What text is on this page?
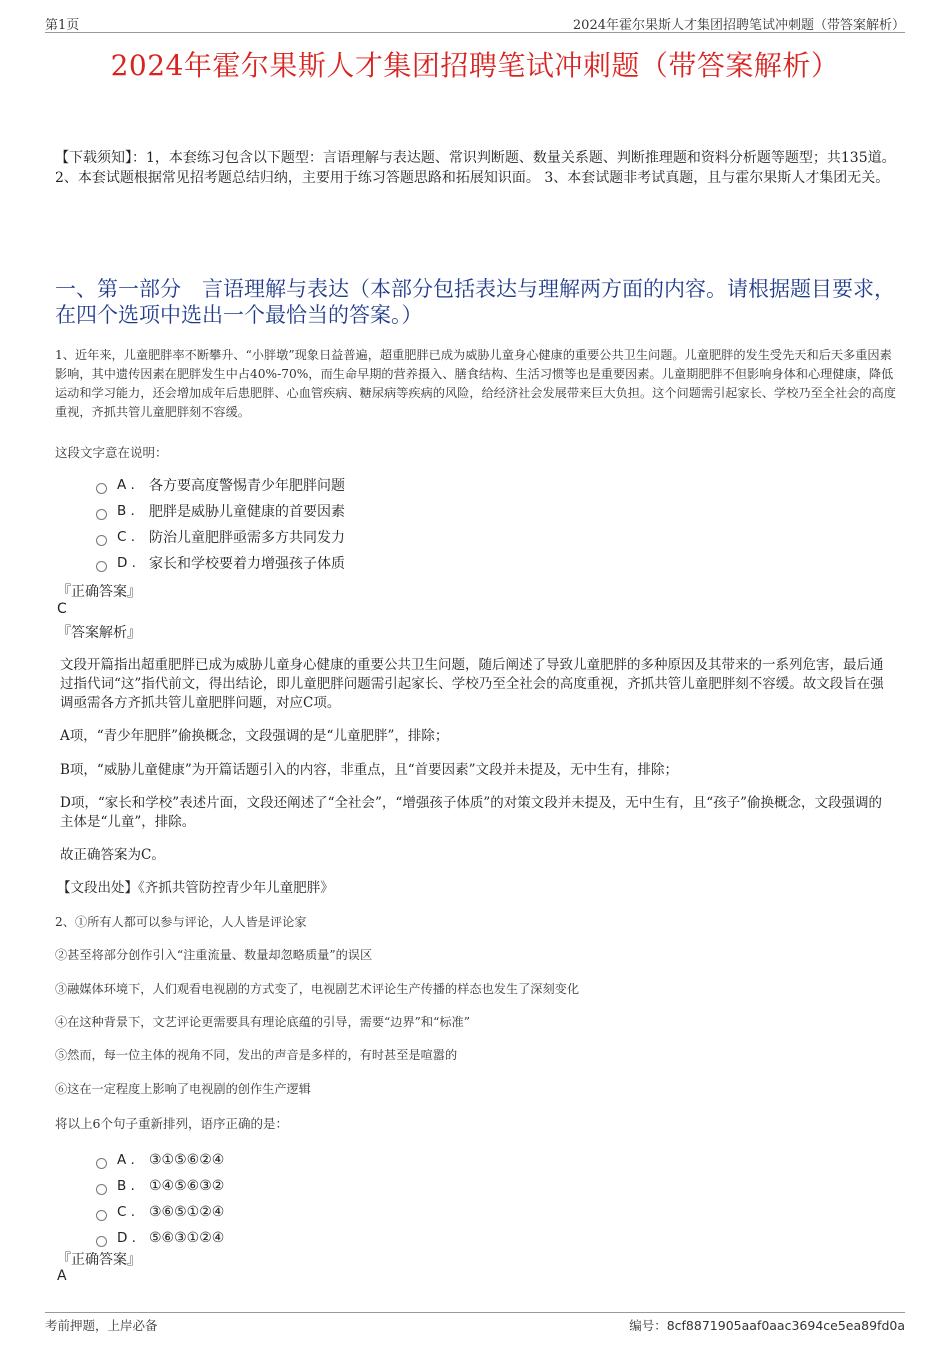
第1页	2024年霍尔果斯人才集团招聘笔试冲刺题（带答案解析）
2024年霍尔果斯人才集团招聘笔试冲刺题（带答案解析）
【下载须知】：1，本套练习包含以下题型：言语理解与表达题、常识判断题、数量关系题、判断推理题和资料分析题等题型；共135道。 2、本套试题根据常见招考题总结归纳，主要用于练习答题思路和拓展知识面。 3、本套试题非考试真题，且与霍尔果斯人才集团无关。
一、第一部分　言语理解与表达（本部分包括表达与理解两方面的内容。请根据题目要求，在四个选项中选出一个最恰当的答案。）
1、近年来，儿童肥胖率不断攀升、“小胖墩”现象日益普遍，超重肥胖已成为威胁儿童身心健康的重要公共卫生问题。儿童肥胖的发生受先天和后天多重因素影响，其中遗传因素在肥胖发生中占40%-70%，而生命早期的营养摄入、膳食结构、生活习惯等也是重要因素。儿童期肥胖不但影响身体和心理健康，降低运动和学习能力，还会增加成年后患肥胖、心血管疾病、糖尿病等疾病的风险，给经济社会发展带来巨大负担。这个问题需引起家长、学校乃至全社会的高度重视，齐抓共管儿童肥胖刻不容缓。
这段文字意在说明：
A .	各方要高度警惕青少年肥胖问题
B .	肥胖是威胁儿童健康的首要因素
C . 防治儿童肥胖亟需多方共同发力
D . 家长和学校要着力增强孩子体质
『正确答案』
C
『答案解析』
文段开篇指出超重肥胖已成为威胁儿童身心健康的重要公共卫生问题，随后阐述了导致儿童肥胖的多种原因及其带来的一系列危害，最后通过指代词“这”指代前文，得出结论，即儿童肥胖问题需引起家长、学校乃至全社会的高度重视，齐抓共管儿童肥胖刻不容缓。故文段旨在强调亟需各方齐抓共管儿童肥胖问题，对应C项。
A项，“青少年肥胖”偷换概念，文段强调的是“儿童肥胖”，排除；
B项，“威胁儿童健康”为开篇话题引入的内容，非重点，且“首要因素”文段并未提及，无中生有，排除；
D项，“家长和学校”表述片面，文段还阐述了“全社会”，“增强孩子体质”的对策文段并未提及，无中生有，且“孩子”偷换概念，文段强调的主体是“儿童”，排除。
故正确答案为C。
【文段出处】《齐抓共管防控青少年儿童肥胖》
2、①所有人都可以参与评论，人人皆是评论家
②甚至将部分创作引入“注重流量、数量却忽略质量”的误区
③融媒体环境下，人们观看电视剧的方式变了，电视剧艺术评论生产传播的样态也发生了深刻变化
④在这种背景下，文艺评论更需要具有理论底蕴的引导，需要“边界”和“标准”
⑤然而，每一位主体的视角不同，发出的声音是多样的，有时甚至是喧嚣的
⑥这在一定程度上影响了电视剧的创作生产逻辑
将以上6个句子重新排列，语序正确的是：
A .	③①⑤⑥②④
B .	①④⑤⑥③②
C . ③⑥⑤①②④
D . ⑤⑥③①②④
『正确答案』
A
考前押题，上岸必备	编号：8cf8871905aaf0aac3694ce5ea89fd0a
